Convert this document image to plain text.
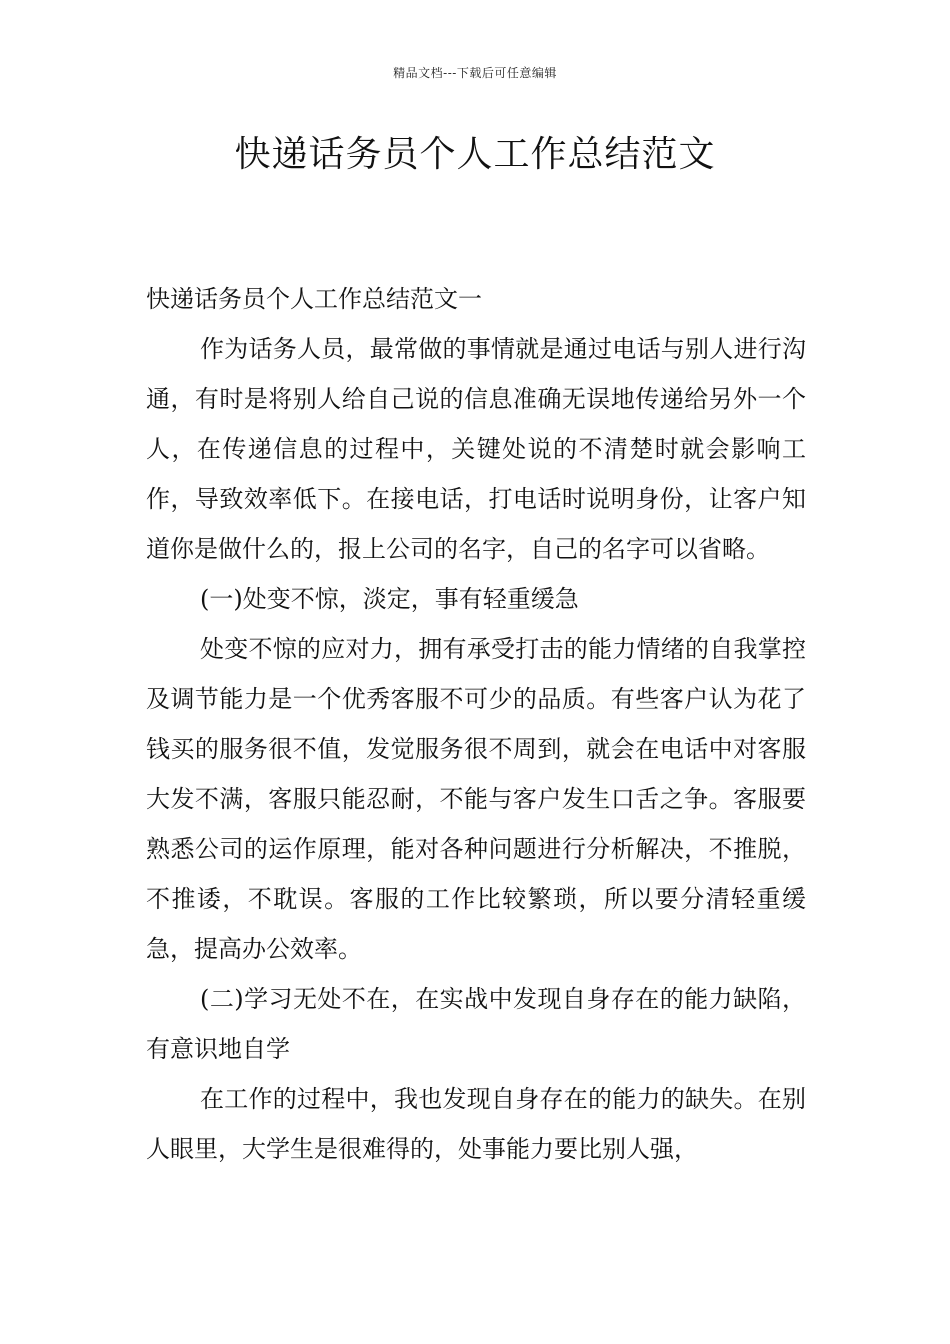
精品文档---下载后可任意编辑
快递话务员个人工作总结范文

快递话务员个人工作总结范文一

作为话务人员，最常做的事情就是通过电话与别人进行沟通，有时是将别人给自己说的信息准确无误地传递给另外一个人，在传递信息的过程中，关键处说的不清楚时就会影响工作，导致效率低下。在接电话，打电话时说明身份，让客户知道你是做什么的，报上公司的名字，自己的名字可以省略。

(一)处变不惊，淡定，事有轻重缓急

处变不惊的应对力，拥有承受打击的能力情绪的自我掌控及调节能力是一个优秀客服不可少的品质。有些客户认为花了钱买的服务很不值，发觉服务很不周到，就会在电话中对客服大发不满，客服只能忍耐，不能与客户发生口舌之争。客服要熟悉公司的运作原理，能对各种问题进行分析解决，不推脱，不推诿，不耽误。客服的工作比较繁琐，所以要分清轻重缓急，提高办公效率。

(二)学习无处不在，在实战中发现自身存在的能力缺陷，有意识地自学

在工作的过程中，我也发现自身存在的能力的缺失。在别人眼里，大学生是很难得的，处事能力要比别人强，
